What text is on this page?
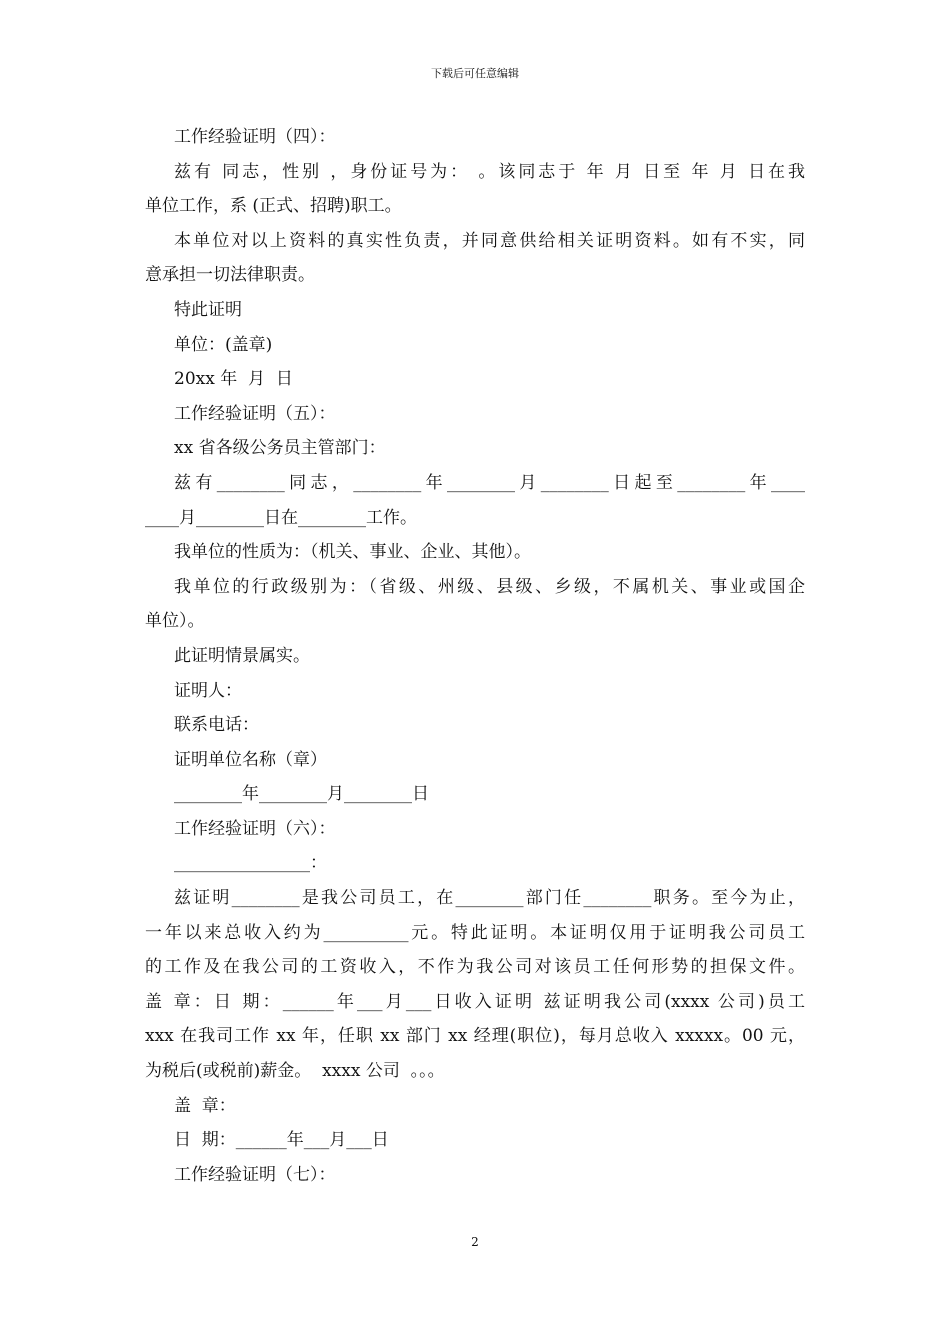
下载后可任意编辑
工作经验证明（四）：
兹有 同志，性别 ，身份证号为： 。该同志于 年 月 日至 年 月 日在我
单位工作，系 (正式、招聘)职工。
本单位对以上资料的真实性负责，并同意供给相关证明资料。如有不实，同
意承担一切法律职责。
特此证明
单位：(盖章)
20xx 年  月  日
工作经验证明（五）：
xx 省各级公务员主管部门：
兹有________同志，________年________月________日起至________年____
____月________日在________工作。
我单位的性质为：（机关、事业、企业、其他）。
我单位的行政级别为：（省级、州级、县级、乡级，不属机关、事业或国企
单位）。
此证明情景属实。
证明人：
联系电话：
证明单位名称（章）
________年________月________日
工作经验证明（六）：
________________：
兹证明________是我公司员工，在________部门任________职务。至今为止，
一年以来总收入约为__________元。特此证明。本证明仅用于证明我公司员工
的工作及在我公司的工资收入，不作为我公司对该员工任何形势的担保文件。
盖 章：日 期：______年___月___日收入证明 兹证明我公司(xxxx 公司)员工
xxx 在我司工作 xx 年，任职 xx 部门 xx 经理(职位)，每月总收入 xxxxx。00 元，
为税后(或税前)薪金。  xxxx 公司  。。。
盖  章：
日  期：______年___月___日
工作经验证明（七）：
2
